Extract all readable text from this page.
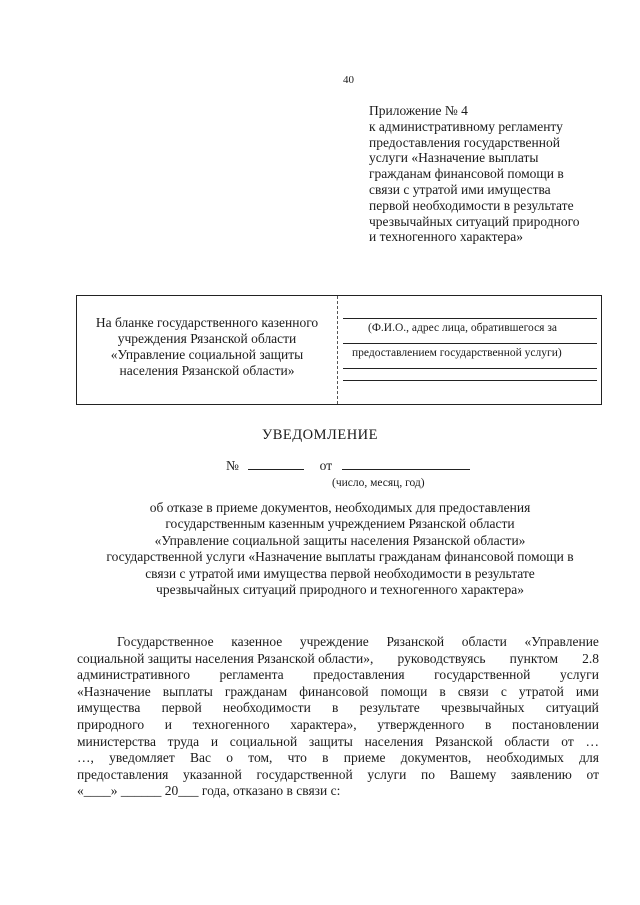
40
Приложение № 4
к административному регламенту
предоставления государственной
услуги «Назначение выплаты
гражданам финансовой помощи в
связи с утратой ими имущества
первой необходимости в результате
чрезвычайных ситуаций природного
и техногенного характера»
На бланке государственного казенного
учреждения Рязанской области
«Управление социальной защиты
населения Рязанской области»
(Ф.И.О., адрес лица, обратившегося за
предоставлением государственной услуги)
УВЕДОМЛЕНИЕ
№	от
(число, месяц, год)
об отказе в приеме документов, необходимых для предоставления
государственным казенным учреждением Рязанской области
«Управление социальной защиты населения Рязанской области»
государственной услуги «Назначение выплаты гражданам финансовой помощи в
связи с утратой ими имущества первой необходимости в результате
чрезвычайных ситуаций природного и техногенного характера»
Государственное казенное учреждение Рязанской области «Управление
социальной защиты населения Рязанской области», руководствуясь пунктом 2.8
административного регламента предоставления государственной услуги
«Назначение выплаты гражданам финансовой помощи в связи с утратой ими
имущества первой необходимости в результате чрезвычайных ситуаций
природного и техногенного характера», утвержденного в постановлении
министерства труда и социальной защиты населения Рязанской области от …
…, уведомляет Вас о том, что в приеме документов, необходимых для
предоставления указанной государственной услуги по Вашему заявлению от
«____» ______ 20___ года, отказано в связи с:
